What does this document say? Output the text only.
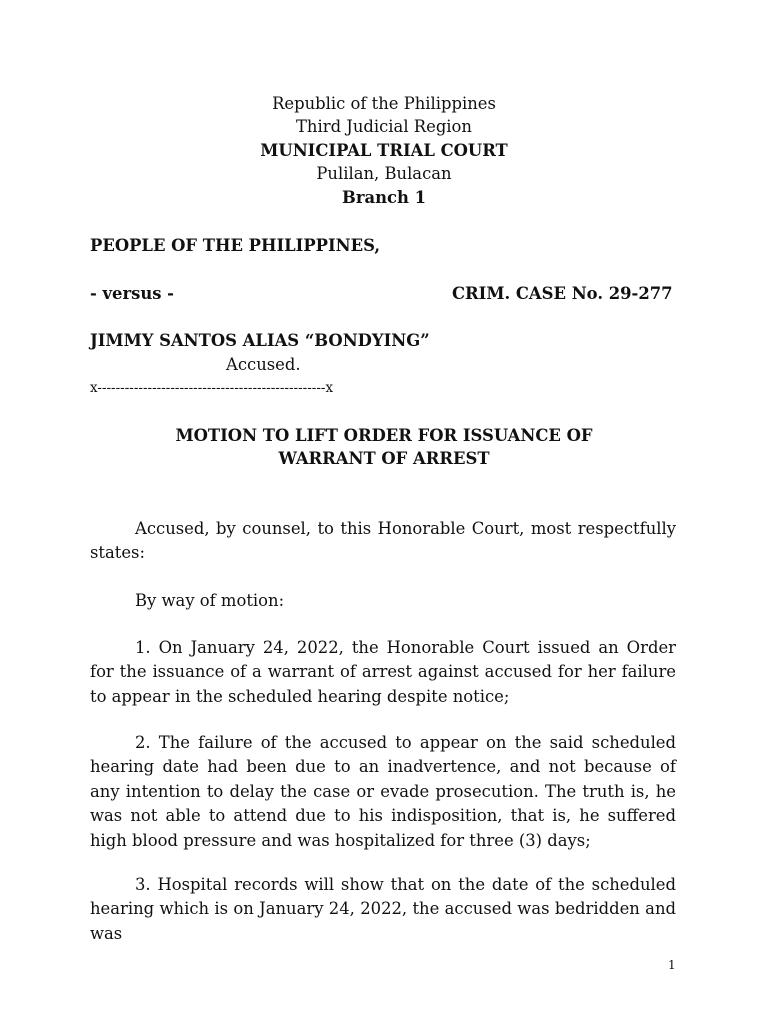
Republic of the Philippines
Third Judicial Region
MUNICIPAL TRIAL COURT
Pulilan, Bulacan
Branch 1
PEOPLE OF THE PHILIPPINES,
- versus -	CRIM. CASE No. 29-277
JIMMY SANTOS ALIAS “BONDYING”
Accused.
x--------------------------------------------------x
MOTION TO LIFT ORDER FOR ISSUANCE OF
WARRANT OF ARREST
Accused, by counsel, to this Honorable Court, most respectfully states:
By way of motion:
1. On January 24, 2022, the Honorable Court issued an Order for the issuance of a warrant of arrest against accused for her failure to appear in the scheduled hearing despite notice;
2. The failure of the accused to appear on the said scheduled hearing date had been due to an inadvertence, and not because of any intention to delay the case or evade prosecution. The truth is, he was not able to attend due to his indisposition, that is, he suffered high blood pressure and was hospitalized for three (3) days;
3. Hospital records will show that on the date of the scheduled hearing which is on January 24, 2022, the accused was bedridden and was
1
